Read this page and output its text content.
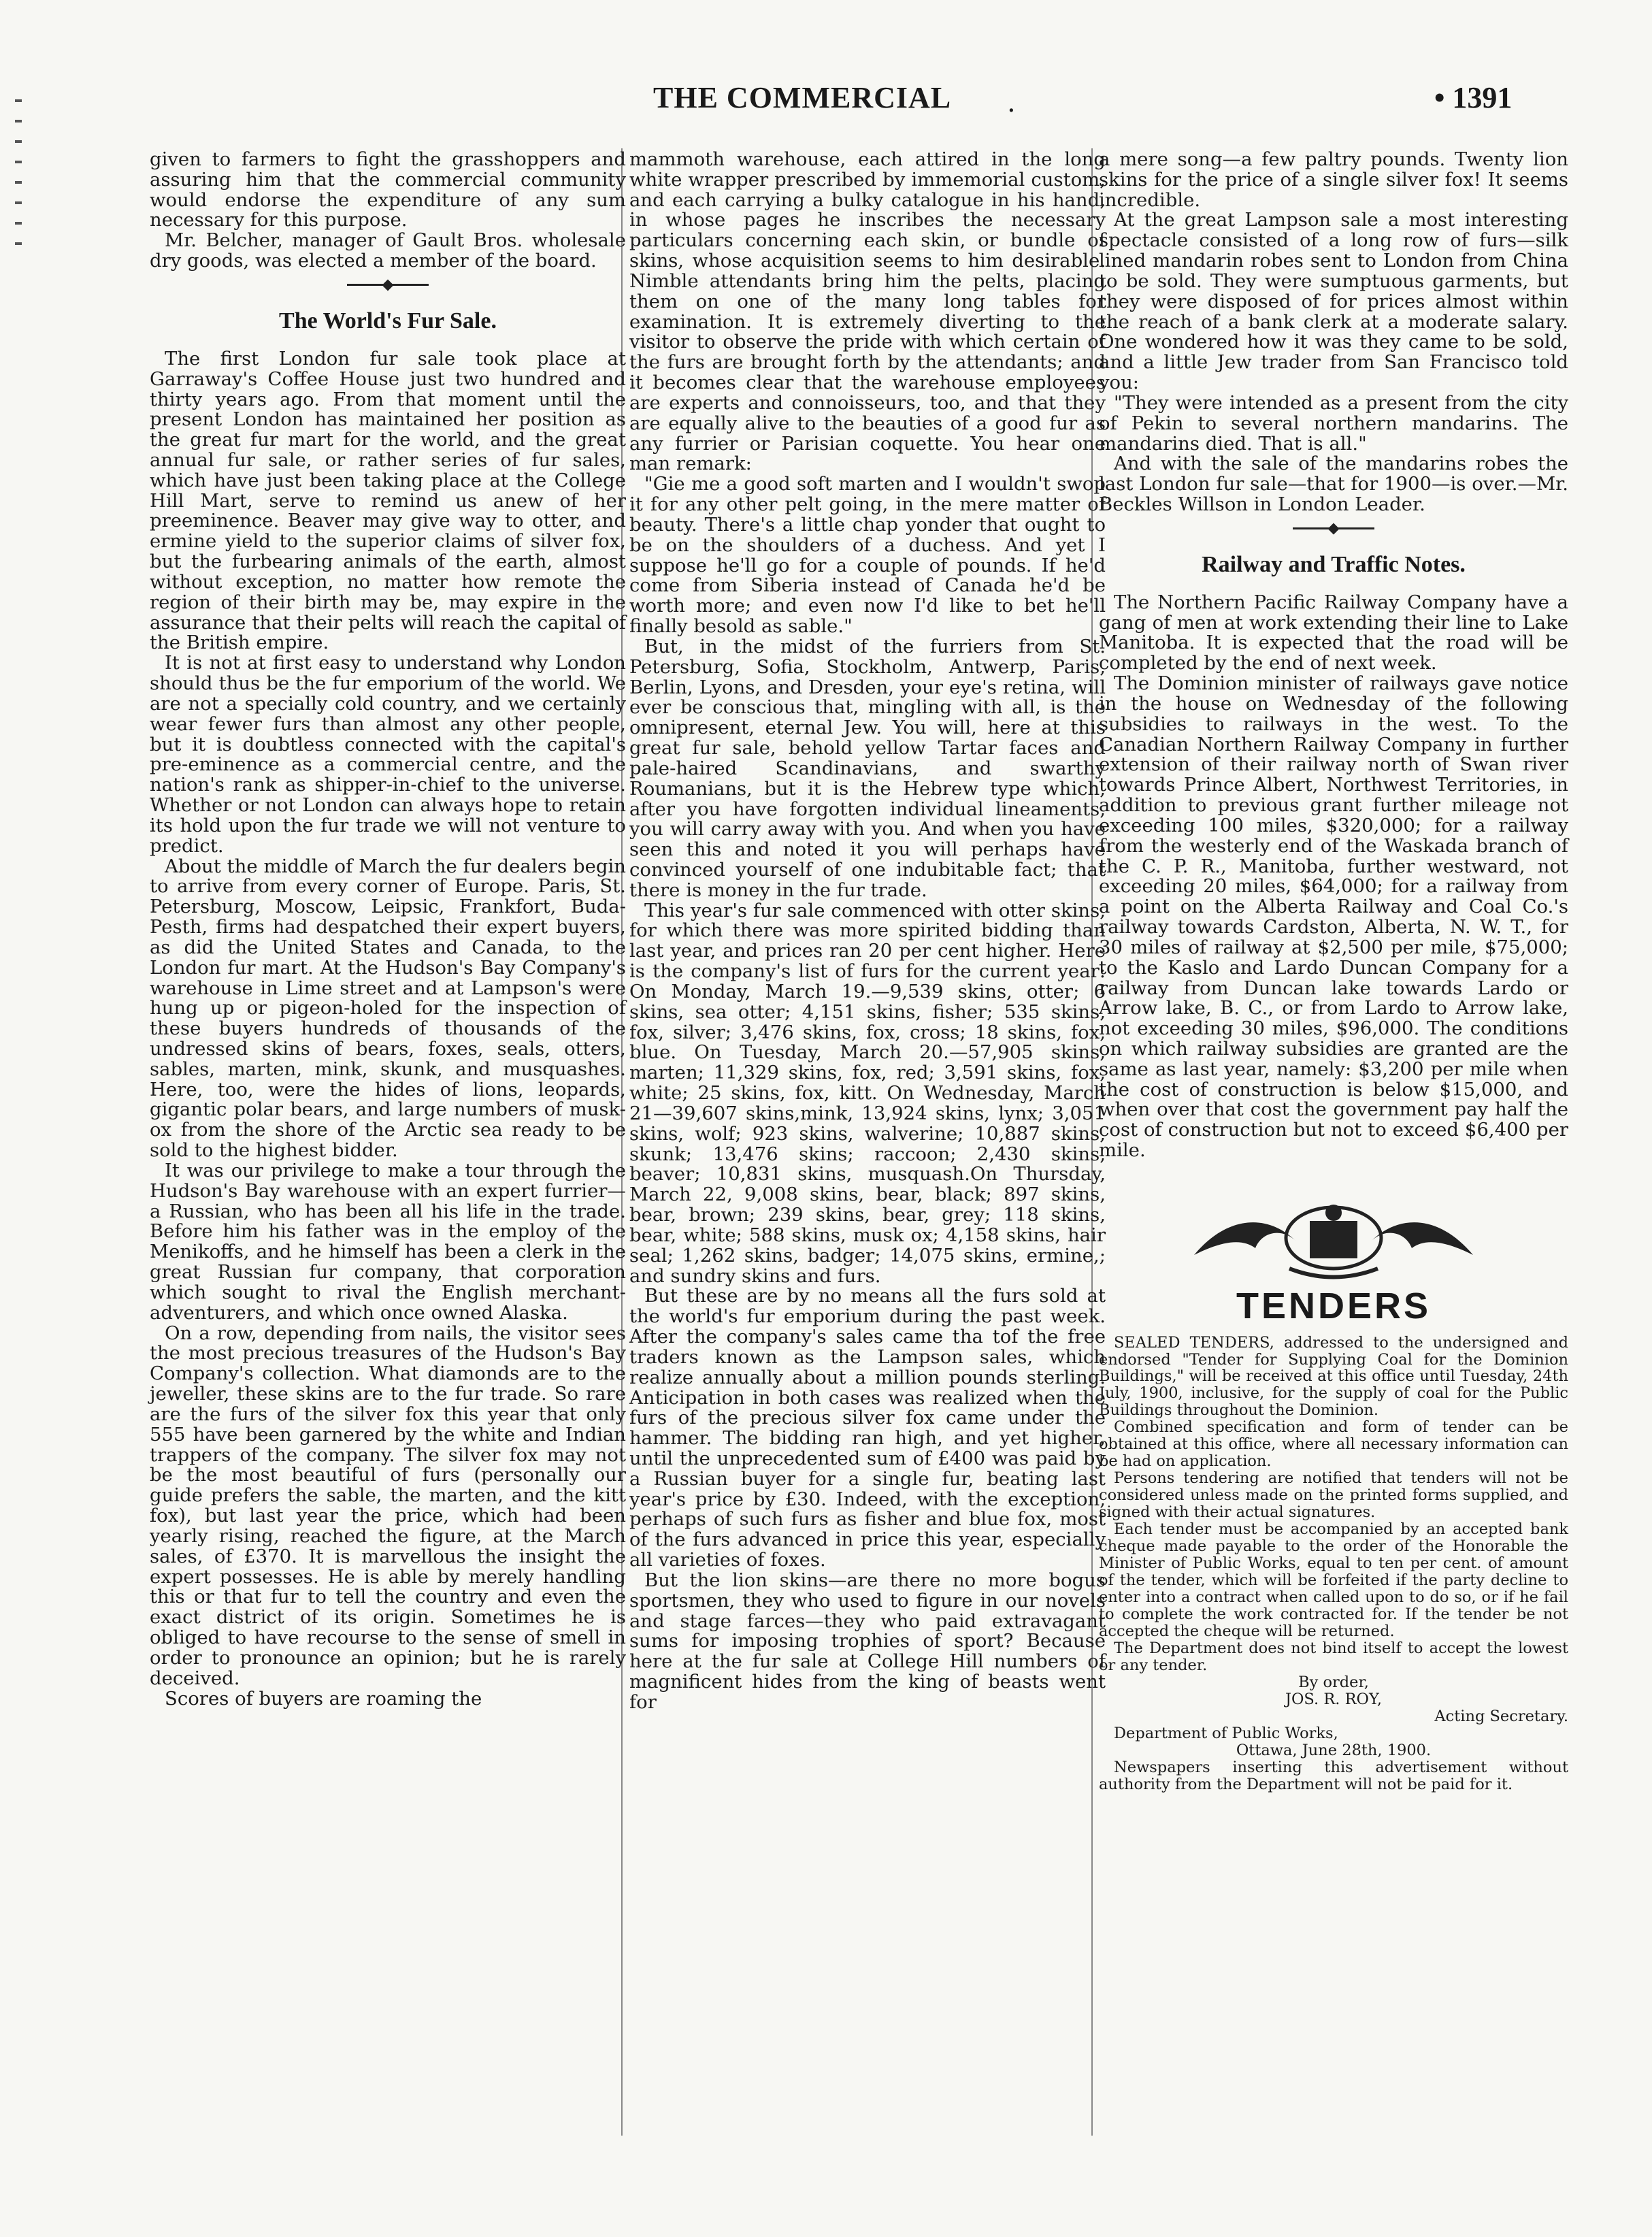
THE COMMERCIAL .	• 1391

given to farmers to fight the grasshoppers and assuring him that the commercial community would endorse the expenditure of any sum necessary for this purpose.

Mr. Belcher, manager of Gault Bros. wholesale dry goods, was elected a member of the board.

The World's Fur Sale.

The first London fur sale took place at Garraway's Coffee House just two hundred and thirty years ago. From that moment until the present London has maintained her position as the great fur mart for the world, and the great annual fur sale, or rather series of fur sales, which have just been taking place at the College Hill Mart, serve to remind us anew of her preeminence. Beaver may give way to otter, and ermine yield to the superior claims of silver fox, but the furbearing animals of the earth, almost without exception, no matter how remote the region of their birth may be, may expire in the assurance that their pelts will reach the capital of the British empire.

It is not at first easy to understand why London should thus be the fur emporium of the world. We are not a specially cold country, and we certainly wear fewer furs than almost any other people, but it is doubtless connected with the capital's pre-eminence as a commercial centre, and the nation's rank as shipper-in-chief to the universe. Whether or not London can always hope to retain its hold upon the fur trade we will not venture to predict.

About the middle of March the fur dealers begin to arrive from every corner of Europe. Paris, St. Petersburg, Moscow, Leipsic, Frankfort, Buda-Pesth, firms had despatched their expert buyers, as did the United States and Canada, to the London fur mart. At the Hudson's Bay Company's warehouse in Lime street and at Lampson's were hung up or pigeon-holed for the inspection of these buyers hundreds of thousands of the undressed skins of bears, foxes, seals, otters, sables, marten, mink, skunk, and musquashes. Here, too, were the hides of lions, leopards, gigantic polar bears, and large numbers of musk-ox from the shore of the Arctic sea ready to be sold to the highest bidder.

It was our privilege to make a tour through the Hudson's Bay warehouse with an expert furrier—a Russian, who has been all his life in the trade. Before him his father was in the employ of the Menikoffs, and he himself has been a clerk in the great Russian fur company, that corporation which sought to rival the English merchant-adventurers, and which once owned Alaska.

On a row, depending from nails, the visitor sees the most precious treasures of the Hudson's Bay Company's collection. What diamonds are to the jeweller, these skins are to the fur trade. So rare are the furs of the silver fox this year that only 555 have been garnered by the white and Indian trappers of the company. The silver fox may not be the most beautiful of furs (personally our guide prefers the sable, the marten, and the kitt fox), but last year the price, which had been yearly rising, reached the figure, at the March sales, of £370. It is marvellous the insight the expert possesses. He is able by merely handling this or that fur to tell the country and even the exact district of its origin. Sometimes he is obliged to have recourse to the sense of smell in order to pronounce an opinion; but he is rarely deceived.

Scores of buyers are roaming the

mammoth warehouse, each attired in the long white wrapper prescribed by immemorial custom, and each carrying a bulky catalogue in his hand, in whose pages he inscribes the necessary particulars concerning each skin, or bundle of skins, whose acquisition seems to him desirable. Nimble attendants bring him the pelts, placing them on one of the many long tables for examination. It is extremely diverting to the visitor to observe the pride with which certain of the furs are brought forth by the attendants; and it becomes clear that the warehouse employees are experts and connoisseurs, too, and that they are equally alive to the beauties of a good fur as any furrier or Parisian coquette. You hear one man remark:

"Gie me a good soft marten and I wouldn't swop it for any other pelt going, in the mere matter of beauty. There's a little chap yonder that ought to be on the shoulders of a duchess. And yet I suppose he'll go for a couple of pounds. If he'd come from Siberia instead of Canada he'd be worth more; and even now I'd like to bet he'll finally besold as sable."

But, in the midst of the furriers from St. Petersburg, Sofia, Stockholm, Antwerp, Paris, Berlin, Lyons, and Dresden, your eye's retina, will ever be conscious that, mingling with all, is the omnipresent, eternal Jew. You will, here at this great fur sale, behold yellow Tartar faces and pale-haired Scandinavians, and swarthy Roumanians, but it is the Hebrew type which, after you have forgotten individual lineaments, you will carry away with you. And when you have seen this and noted it you will perhaps have convinced yourself of one indubitable fact; that there is money in the fur trade.

This year's fur sale commenced with otter skins, for which there was more spirited bidding than last year, and prices ran 20 per cent higher. Here is the company's list of furs for the current year: On Monday, March 19.—9,539 skins, otter; 6 skins, sea otter; 4,151 skins, fisher; 535 skins, fox, silver; 3,476 skins, fox, cross; 18 skins, fox, blue. On Tuesday, March 20.—57,905 skins, marten; 11,329 skins, fox, red; 3,591 skins, fox, white; 25 skins, fox, kitt. On Wednesday, March 21—39,607 skins,mink, 13,924 skins, lynx; 3,051 skins, wolf; 923 skins, walverine; 10,887 skins, skunk; 13,476 skins; raccoon; 2,430 skins, beaver; 10,831 skins, musquash.On Thursday, March 22, 9,008 skins, bear, black; 897 skins, bear, brown; 239 skins, bear, grey; 118 skins, bear, white; 588 skins, musk ox; 4,158 skins, hair seal; 1,262 skins, badger; 14,075 skins, ermine,; and sundry skins and furs.

But these are by no means all the furs sold at the world's fur emporium during the past week. After the company's sales came tha tof the free traders known as the Lampson sales, which realize annually about a million pounds sterling. Anticipation in both cases was realized when the furs of the precious silver fox came under the hammer. The bidding ran high, and yet higher, until the unprecedented sum of £400 was paid by a Russian buyer for a single fur, beating last year's price by £30. Indeed, with the exception, perhaps of such furs as fisher and blue fox, most of the furs advanced in price this year, especially all varieties of foxes.

But the lion skins—are there no more bogus sportsmen, they who used to figure in our novels and stage farces—they who paid extravagant sums for imposing trophies of sport? Because here at the fur sale at College Hill numbers of magnificent hides from the king of beasts went for

a mere song—a few paltry pounds. Twenty lion skins for the price of a single silver fox! It seems incredible.

At the great Lampson sale a most interesting spectacle consisted of a long row of furs—silk lined mandarin robes sent to London from China to be sold. They were sumptuous garments, but they were disposed of for prices almost within the reach of a bank clerk at a moderate salary. One wondered how it was they came to be sold, and a little Jew trader from San Francisco told you:

"They were intended as a present from the city of Pekin to several northern mandarins. The mandarins died. That is all."

And with the sale of the mandarins robes the last London fur sale—that for 1900—is over.—Mr. Beckles Willson in London Leader.

Railway and Traffic Notes.

The Northern Pacific Railway Company have a gang of men at work extending their line to Lake Manitoba. It is expected that the road will be completed by the end of next week.

The Dominion minister of railways gave notice in the house on Wednesday of the following subsidies to railways in the west. To the Canadian Northern Railway Company in further extension of their railway north of Swan river towards Prince Albert, Northwest Territories, in addition to previous grant further mileage not exceeding 100 miles, $320,000; for a railway from the westerly end of the Waskada branch of the C. P. R., Manitoba, further westward, not exceeding 20 miles, $64,000; for a railway from a point on the Alberta Railway and Coal Co.'s railway towards Cardston, Alberta, N. W. T., for 30 miles of railway at $2,500 per mile, $75,000; to the Kaslo and Lardo Duncan Company for a railway from Duncan lake towards Lardo or Arrow lake, B. C., or from Lardo to Arrow lake, not exceeding 30 miles, $96,000. The conditions on which railway subsidies are granted are the same as last year, namely: $3,200 per mile when the cost of construction is below $15,000, and when over that cost the government pay half the cost of construction but not to exceed $6,400 per mile.

TENDERS

SEALED TENDERS, addressed to the undersigned and endorsed "Tender for Supplying Coal for the Dominion Buildings," will be received at this office until Tuesday, 24th July, 1900, inclusive, for the supply of coal for the Public Buildings throughout the Dominion.

Combined specification and form of tender can be obtained at this office, where all necessary information can be had on application.

Persons tendering are notified that tenders will not be considered unless made on the printed forms supplied, and signed with their actual signatures.

Each tender must be accompanied by an accepted bank cheque made payable to the order of the Honorable the Minister of Public Works, equal to ten per cent. of amount of the tender, which will be forfeited if the party decline to enter into a contract when called upon to do so, or if he fail to complete the work contracted for. If the tender be not accepted the cheque will be returned.

The Department does not bind itself to accept the lowest or any tender.

By order,

JOS. R. ROY,

Acting Secretary.

Department of Public Works,

Ottawa, June 28th, 1900.

Newspapers inserting this advertisement without authority from the Department will not be paid for it.
